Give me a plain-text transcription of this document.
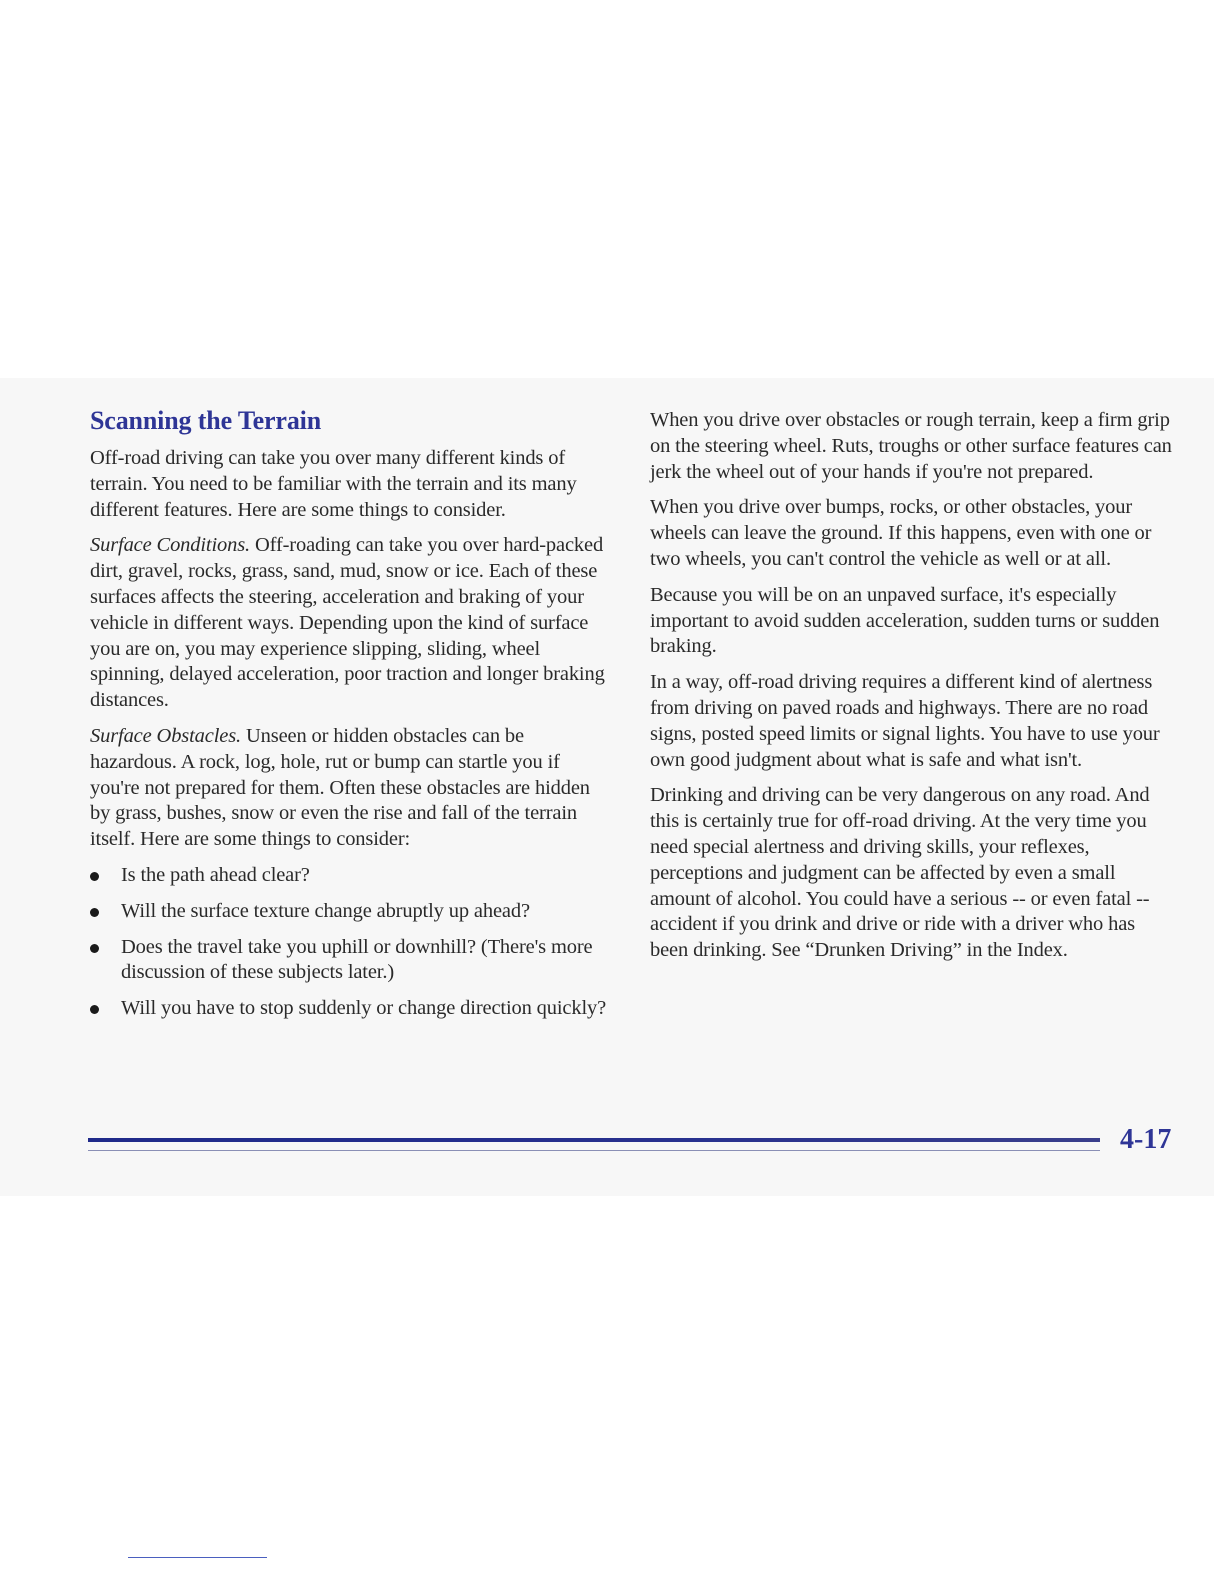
Scanning the Terrain

Off-road driving can take you over many different kinds of terrain. You need to be familiar with the terrain and its many different features. Here are some things to consider.

Surface Conditions. Off-roading can take you over hard-packed dirt, gravel, rocks, grass, sand, mud, snow or ice. Each of these surfaces affects the steering, acceleration and braking of your vehicle in different ways. Depending upon the kind of surface you are on, you may experience slipping, sliding, wheel spinning, delayed acceleration, poor traction and longer braking distances.

Surface Obstacles. Unseen or hidden obstacles can be hazardous. A rock, log, hole, rut or bump can startle you if you're not prepared for them. Often these obstacles are hidden by grass, bushes, snow or even the rise and fall of the terrain itself. Here are some things to consider:

Is the path ahead clear?
Will the surface texture change abruptly up ahead?
Does the travel take you uphill or downhill? (There's more discussion of these subjects later.)
Will you have to stop suddenly or change direction quickly?

When you drive over obstacles or rough terrain, keep a firm grip on the steering wheel. Ruts, troughs or other surface features can jerk the wheel out of your hands if you're not prepared.

When you drive over bumps, rocks, or other obstacles, your wheels can leave the ground. If this happens, even with one or two wheels, you can't control the vehicle as well or at all.

Because you will be on an unpaved surface, it's especially important to avoid sudden acceleration, sudden turns or sudden braking.

In a way, off-road driving requires a different kind of alertness from driving on paved roads and highways. There are no road signs, posted speed limits or signal lights. You have to use your own good judgment about what is safe and what isn't.

Drinking and driving can be very dangerous on any road. And this is certainly true for off-road driving. At the very time you need special alertness and driving skills, your reflexes, perceptions and judgment can be affected by even a small amount of alcohol. You could have a serious -- or even fatal -- accident if you drink and drive or ride with a driver who has been drinking. See “Drunken Driving” in the Index.

4-17
